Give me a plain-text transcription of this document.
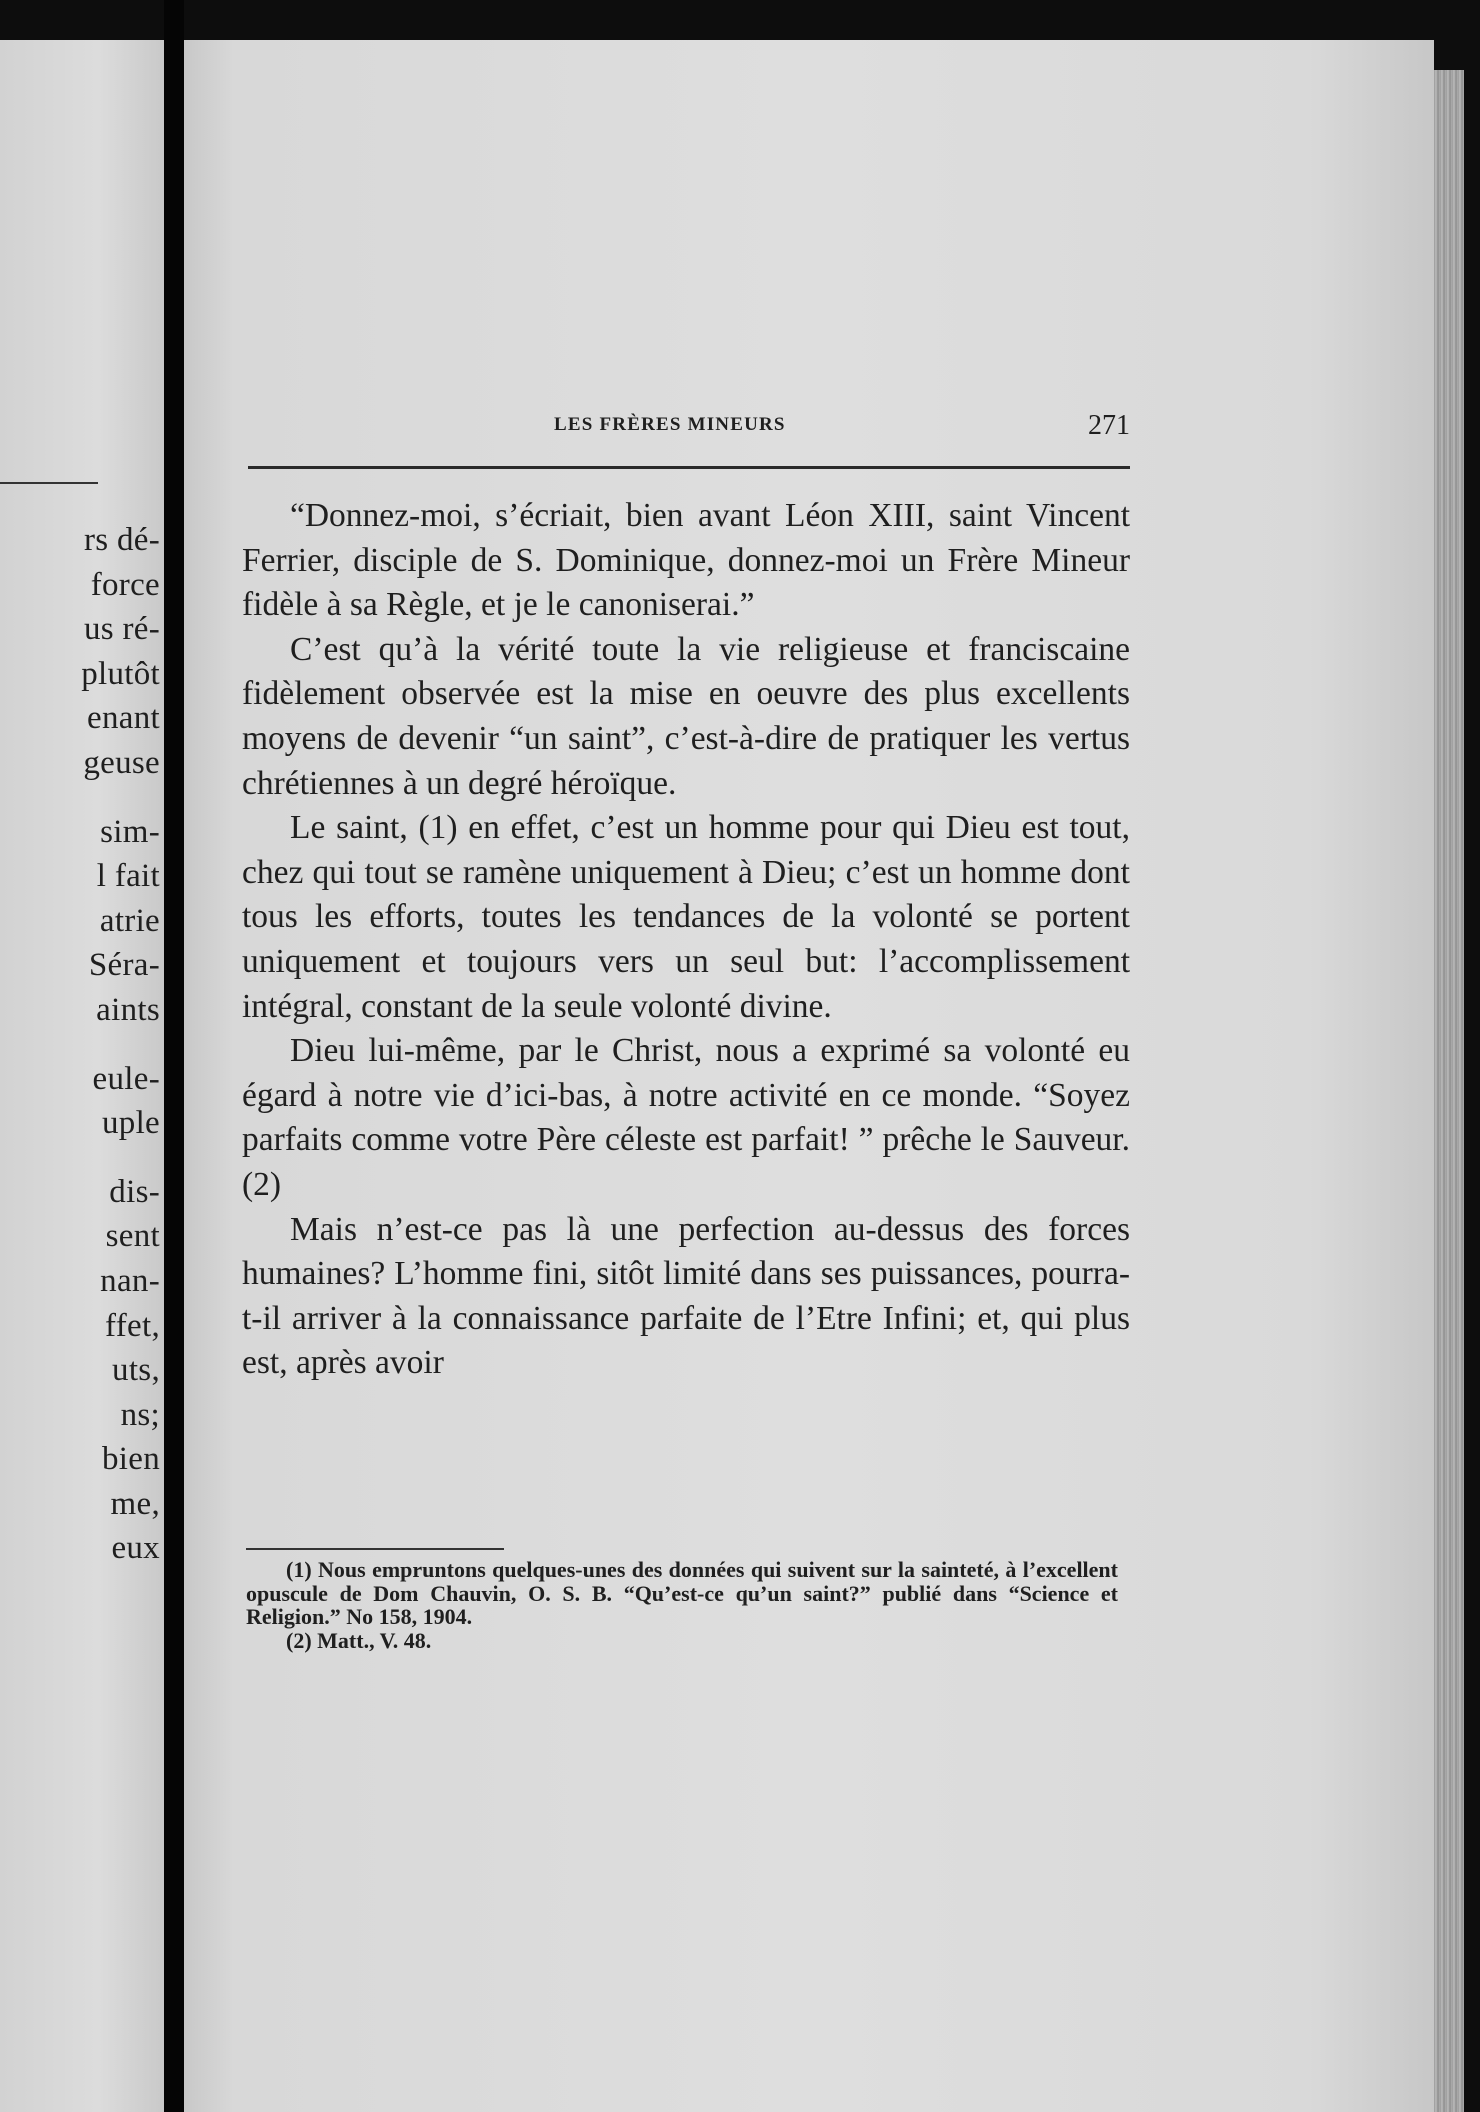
rs dé-
force
us ré-
plutôt
enant
geuse
sim-
l fait
atrie
Séra-
aints
eule-
uple
dis-
sent
nan-
ffet,
uts,
ns;
bien
me,
eux
LES FRÈRES MINEURS	271

“Donnez-moi, s’écriait, bien avant Léon XIII, saint Vincent Ferrier, disciple de S. Dominique, donnez-moi un Frère Mineur fidèle à sa Règle, et je le canoniserai.”

C’est qu’à la vérité toute la vie religieuse et franciscaine fidèlement observée est la mise en oeuvre des plus excellents moyens de devenir “un saint”, c’est-à-dire de pratiquer les vertus chrétiennes à un degré héroïque.

Le saint, (1) en effet, c’est un homme pour qui Dieu est tout, chez qui tout se ramène uniquement à Dieu; c’est un homme dont tous les efforts, toutes les tendances de la volonté se portent uniquement et toujours vers un seul but: l’accomplissement intégral, constant de la seule volonté divine.

Dieu lui-même, par le Christ, nous a exprimé sa volonté eu égard à notre vie d’ici-bas, à notre activité en ce monde. “Soyez parfaits comme votre Père céleste est parfait! ” prêche le Sauveur. (2)

Mais n’est-ce pas là une perfection au-dessus des forces humaines? L’homme fini, sitôt limité dans ses puissances, pourra-t-il arriver à la connaissance parfaite de l’Etre Infini; et, qui plus est, après avoir

(1) Nous empruntons quelques-unes des données qui suivent sur la sainteté, à l’excellent opuscule de Dom Chauvin, O. S. B. “Qu’est-ce qu’un saint?” publié dans “Science et Religion.” No 158, 1904.

(2) Matt., V. 48.
